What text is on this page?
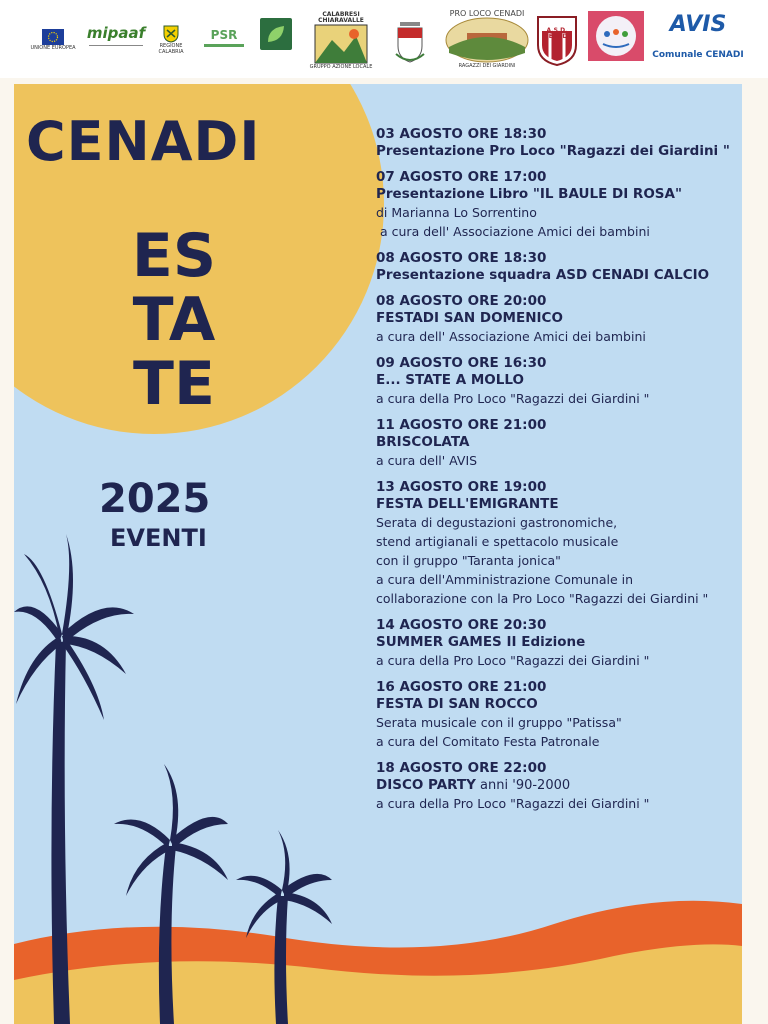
UNIONE EUROPEA
mipaaf
REGIONE CALABRIA
PSR
CALABRESI CHIARAVALLE
GRUPPO AZIONE LOCALE
PRO LOCO CENADI
RAGAZZI DEI GIARDINI
A.S.D. CENADI	AVIS

Comunale CENADI
CENADI
ES
TA
TE
2025
EVENTI
03 AGOSTO ORE 18:30
Presentazione Pro Loco "Ragazzi dei Giardini "
07 AGOSTO ORE 17:00
Presentazione Libro "IL BAULE DI ROSA"
di Marianna Lo Sorrentino
a cura dell' Associazione Amici dei bambini
08 AGOSTO ORE 18:30
Presentazione squadra ASD CENADI CALCIO
08 AGOSTO ORE 20:00
FESTADI SAN DOMENICO
a cura dell' Associazione Amici dei bambini
09 AGOSTO ORE 16:30
E... STATE A MOLLO
a cura della Pro Loco "Ragazzi dei Giardini "
11 AGOSTO ORE 21:00
BRISCOLATA
a cura dell' AVIS
13 AGOSTO ORE 19:00
FESTA DELL'EMIGRANTE
Serata di degustazioni gastronomiche,
stend artigianali e spettacolo musicale
con il gruppo "Taranta jonica"
a cura dell'Amministrazione Comunale in
collaborazione con la Pro Loco "Ragazzi dei Giardini "
14 AGOSTO ORE 20:30
SUMMER GAMES II Edizione
a cura della Pro Loco "Ragazzi dei Giardini "
16 AGOSTO ORE 21:00
FESTA DI SAN ROCCO
Serata musicale con il gruppo "Patissa"
a cura del Comitato Festa Patronale
18 AGOSTO ORE 22:00
DISCO PARTY anni '90-2000
a cura della Pro Loco "Ragazzi dei Giardini "
